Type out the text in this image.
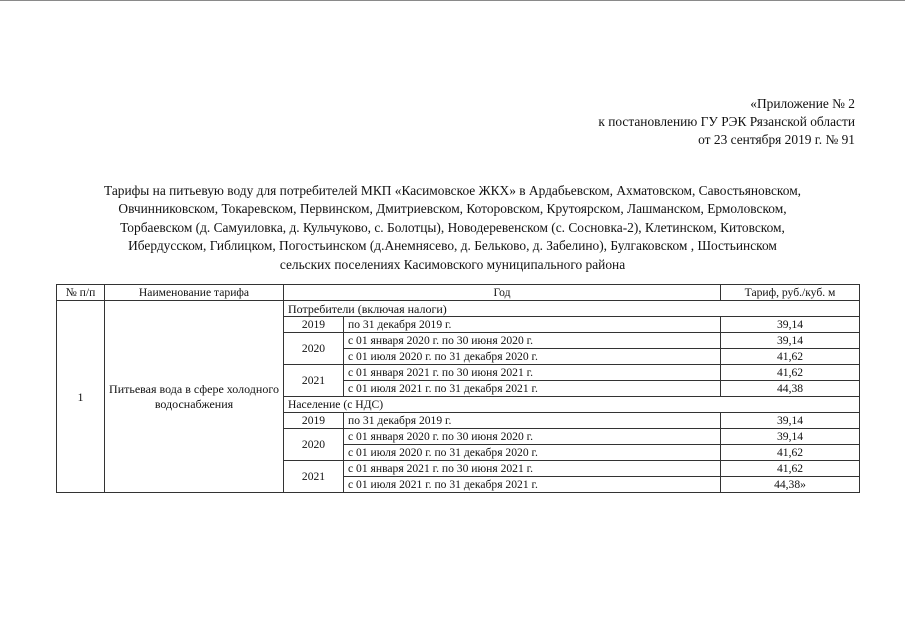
«Приложение № 2
к постановлению ГУ РЭК Рязанской области
от 23 сентября 2019 г. № 91
Тарифы на питьевую воду для потребителей МКП «Касимовское ЖКХ» в Ардабьевском, Ахматовском, Савостьяновском,
Овчинниковском, Токаревском, Первинском, Дмитриевском, Которовском, Крутоярском, Лашманском, Ермоловском,
Торбаевском (д. Самуиловка, д. Кульчуково, с. Болотцы), Новодеревенском (с. Сосновка-2), Клетинском, Китовском,
Ибердусском, Гиблицком, Погостьинском (д.Анемнясево, д. Бельково, д. Забелино), Булгаковском , Шостьинском
сельских поселениях Касимовского муниципального района
№ п/п	Наименование тарифа	Год		Тариф, руб./куб. м
1	Питьевая вода в сфере холодного водоснабжения	Потребители (включая налоги)		
		2019	по 31 декабря 2019 г.	39,14
		2020	с 01 января 2020 г. по 30 июня 2020 г.	39,14
			с 01 июля 2020 г. по 31 декабря 2020 г.	41,62
		2021	с 01 января 2021 г. по 30 июня 2021 г.	41,62
			с 01 июля 2021 г. по 31 декабря 2021 г.	44,38
		Население (с НДС)		
		2019	по 31 декабря 2019 г.	39,14
		2020	с 01 января 2020 г. по 30 июня 2020 г.	39,14
			с 01 июля 2020 г. по 31 декабря 2020 г.	41,62
		2021	с 01 января 2021 г. по 30 июня 2021 г.	41,62
			с 01 июля 2021 г. по 31 декабря 2021 г.	44,38»
